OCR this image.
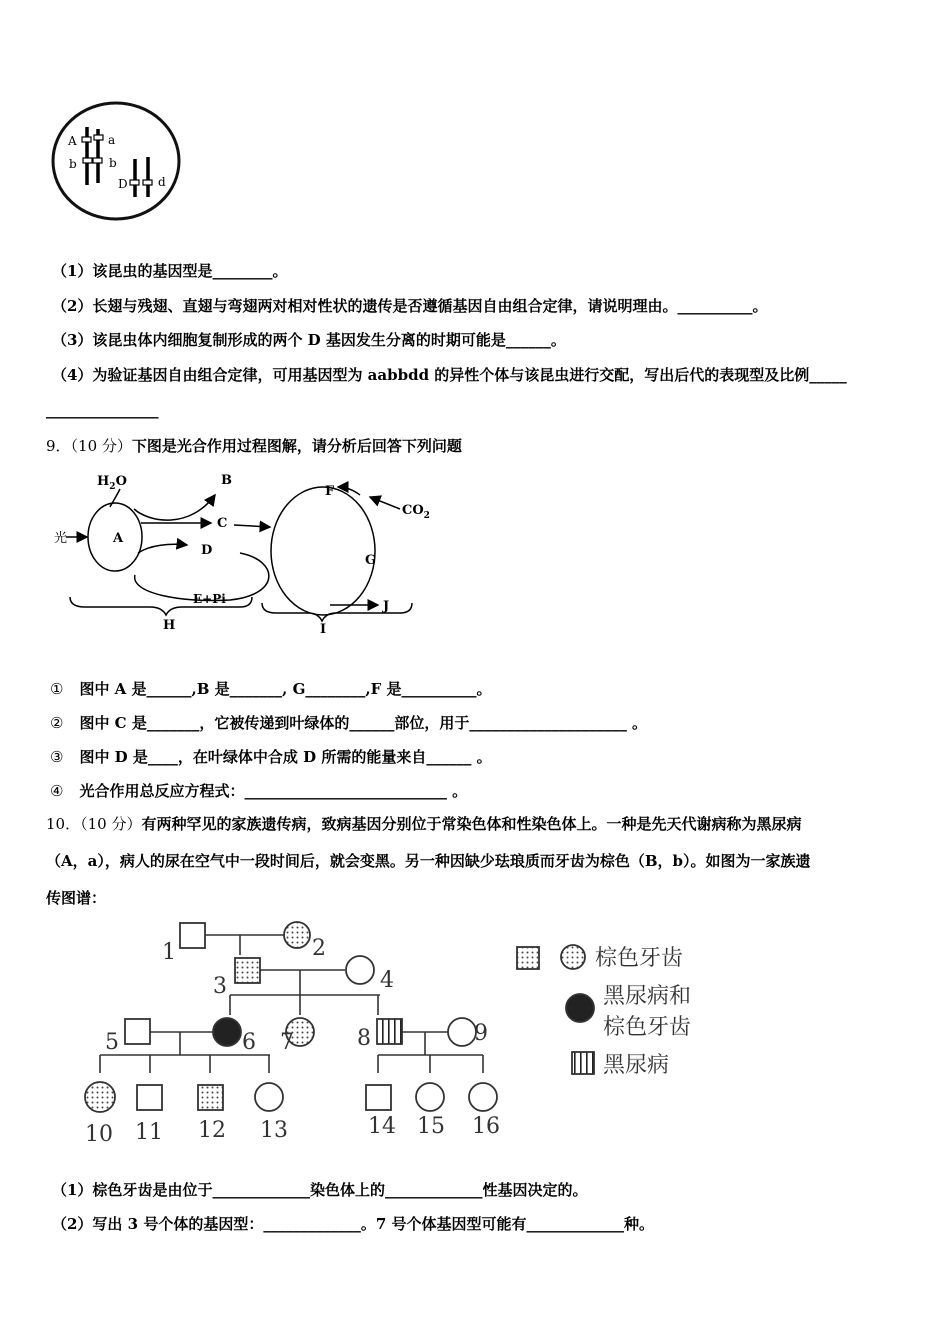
A	a
b	b
D	d
（1）该昆虫的基因型是________。
（2）长翅与残翅、直翅与弯翅两对相对性状的遗传是否遵循基因自由组合定律，请说明理由。__________。
（3）该昆虫体内细胞复制形成的两个 D 基因发生分离的时期可能是______。
（4）为验证基因自由组合定律，可用基因型为 aabbdd 的异性个体与该昆虫进行交配，写出后代的表现型及比例_____
_______________
9．（10 分）下图是光合作用过程图解，请分析后回答下列问题
$H_2O$
光	A
B
C
D
E+Pi
F
$CO_2$
G
J
H	I
① 图中 A 是______,B 是_______, G________,F 是__________。
② 图中 C 是_______，它被传递到叶绿体的______部位，用于_____________________ 。
③ 图中 D 是____，在叶绿体中合成 D 所需的能量来自______ 。
④ 光合作用总反应方程式：___________________________ 。
10．（10 分）有两种罕见的家族遗传病，致病基因分别位于常染色体和性染色体上。一种是先天代谢病称为黑尿病
（A，a），病人的尿在空气中一段时间后，就会变黑。另一种因缺少珐琅质而牙齿为棕色（B，b）。如图为一家族遗
传图谱：
1	2
3	4
5	6 7	8	9
10 11 12 13	14 15 16
棕色牙齿
黑尿病和
棕色牙齿
黑尿病
（1）棕色牙齿是由位于_____________染色体上的_____________性基因决定的。
（2）写出 3 号个体的基因型：_____________。7 号个体基因型可能有_____________种。
